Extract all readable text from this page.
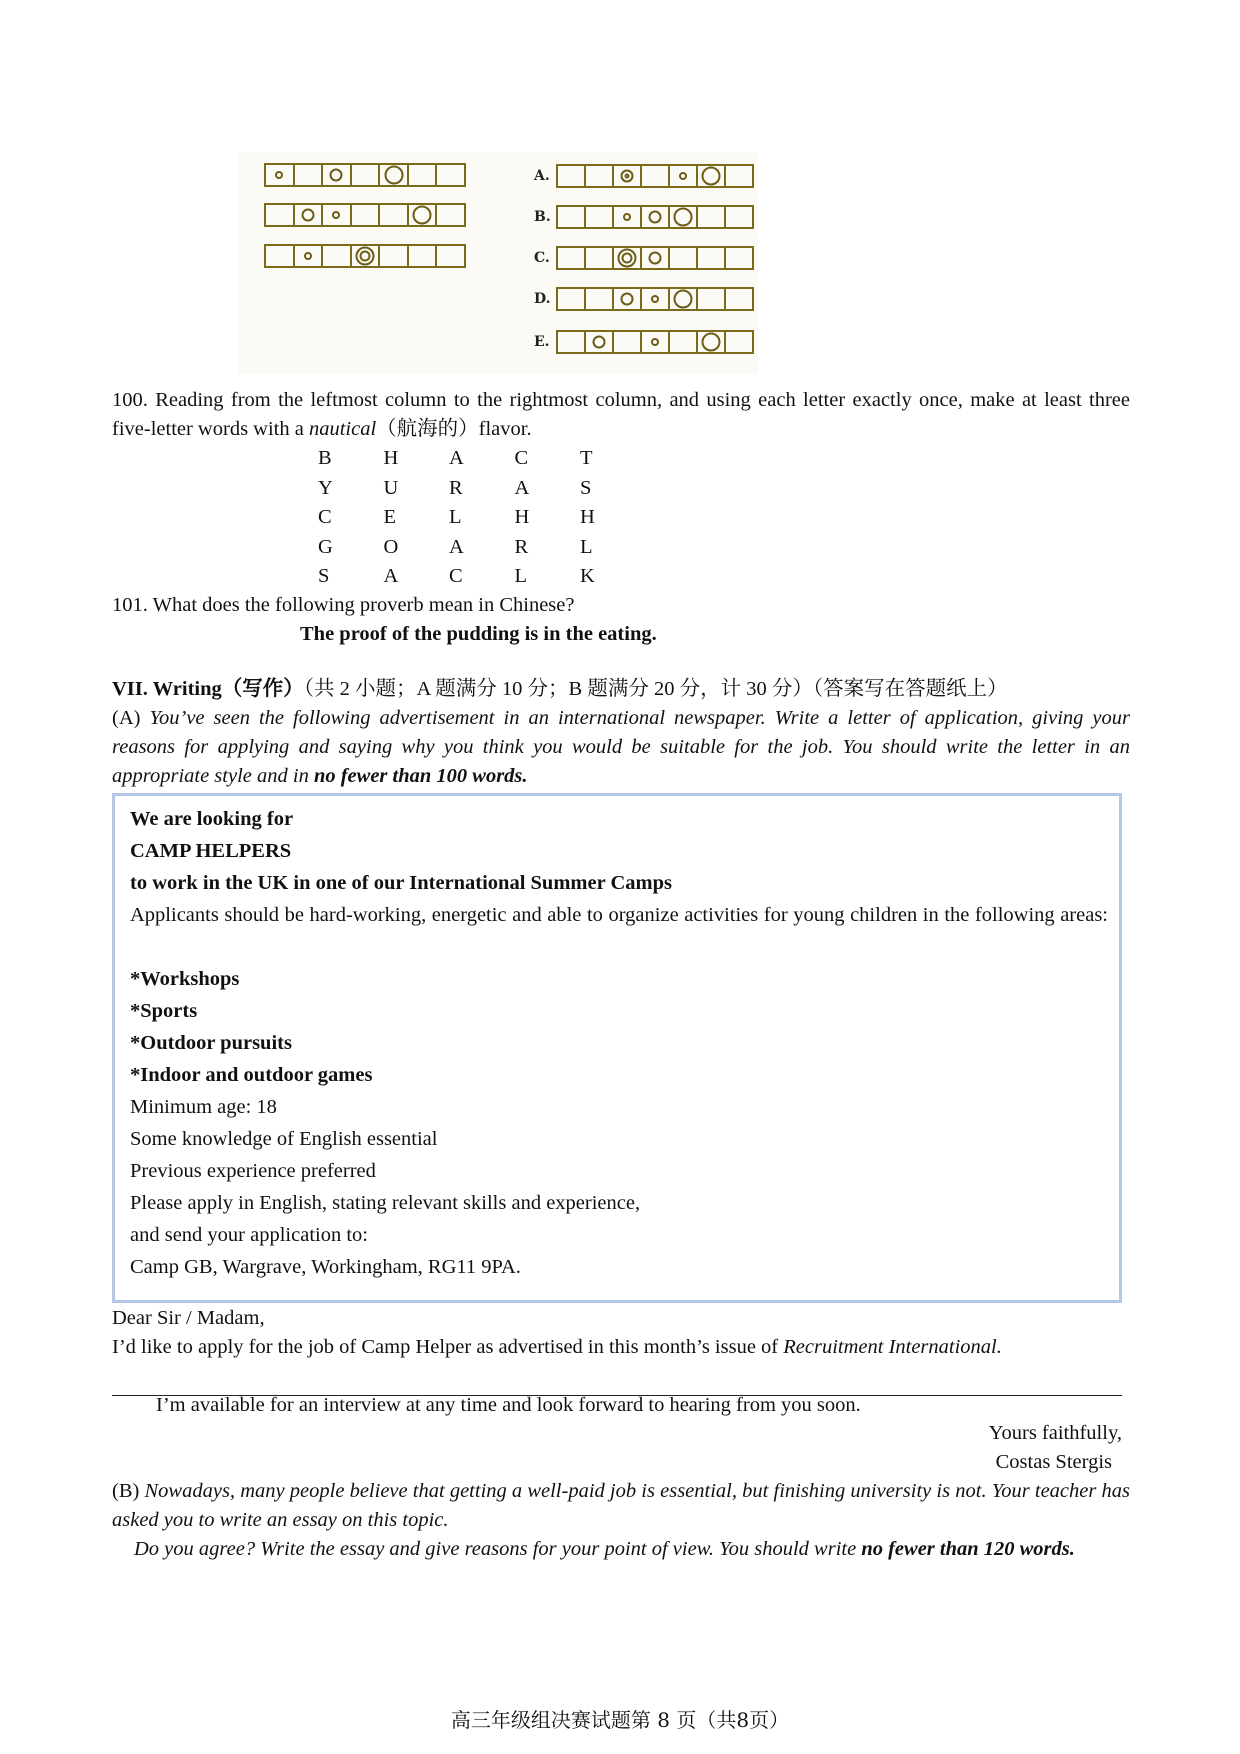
A.
B.
C.
D.
E.
100. Reading from the leftmost column to the rightmost column, and using each letter exactly once, make at least three five-letter words with a nautical（航海的）flavor.
B	H	A	C	T
Y	U	R	A	S
C	E	L	H	H
G	O	A	R	L
S	A	C	L	K
101. What does the following proverb mean in Chinese?
The proof of the pudding is in the eating.
VII. Writing（写作）（共 2 小题；A 题满分 10 分；B 题满分 20 分，计 30 分）（答案写在答题纸上）
(A) You’ve seen the following advertisement in an international newspaper. Write a letter of application, giving your reasons for applying and saying why you think you would be suitable for the job. You should write the letter in an appropriate style and in no fewer than 100 words.
We are looking for
CAMP HELPERS
to work in the UK in one of our International Summer Camps
Applicants should be hard-working, energetic and able to organize activities for young children in the following areas:
*Workshops
*Sports
*Outdoor pursuits
*Indoor and outdoor games
Minimum age: 18
Some knowledge of English essential
Previous experience preferred
Please apply in English, stating relevant skills and experience,
and send your application to:
Camp GB, Wargrave, Workingham, RG11 9PA.
Dear Sir / Madam,
I’d like to apply for the job of Camp Helper as advertised in this month’s issue of Recruitment International.
I’m available for an interview at any time and look forward to hearing from you soon.
Yours faithfully,
Costas Stergis
(B) Nowadays, many people believe that getting a well-paid job is essential, but finishing university is not. Your teacher has asked you to write an essay on this topic.
Do you agree? Write the essay and give reasons for your point of view. You should write no fewer than 120 words.
高三年级组决赛试题第 8 页（共8页）
